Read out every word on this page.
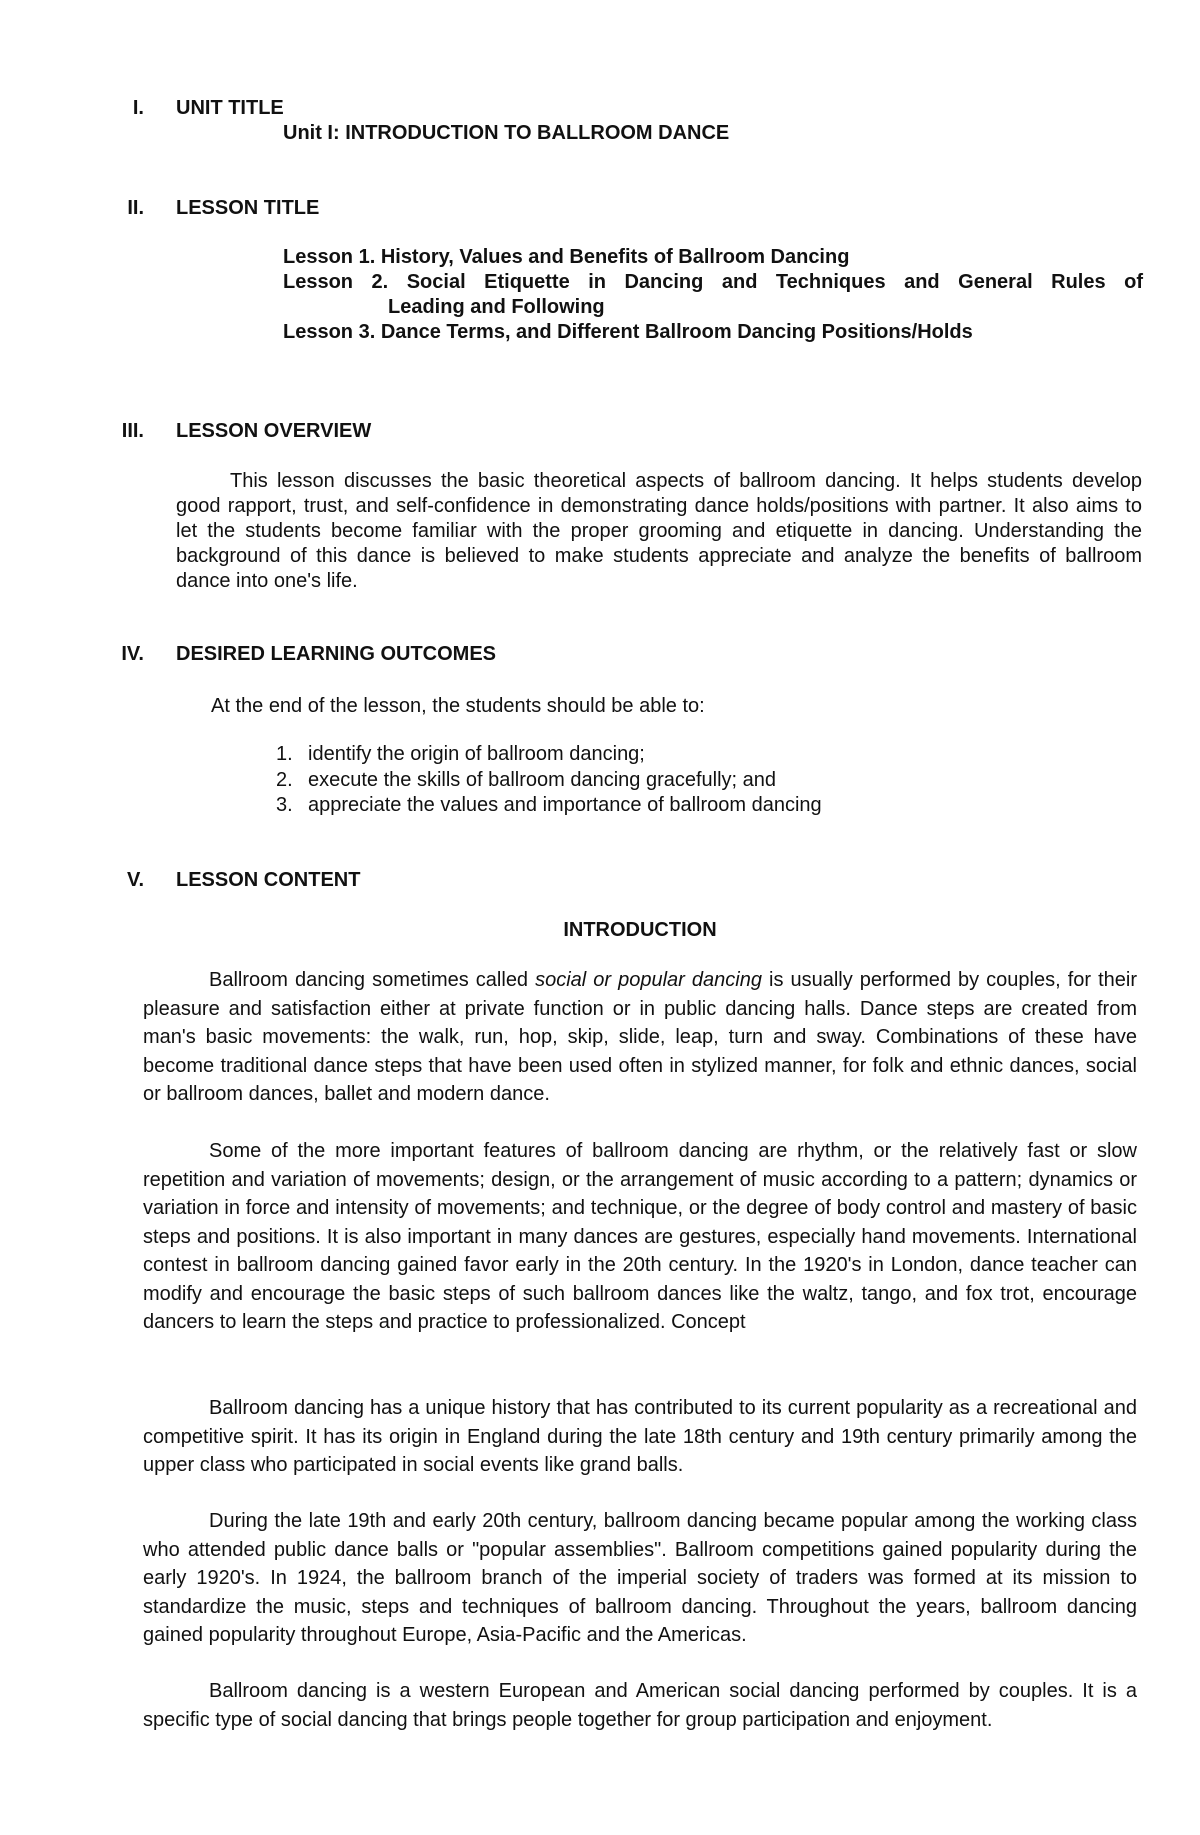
I. UNIT TITLE
Unit I: INTRODUCTION TO BALLROOM DANCE
II. LESSON TITLE
Lesson 1. History, Values and Benefits of Ballroom Dancing
Lesson 2. Social Etiquette in Dancing and Techniques and General Rules of
Leading and Following
Lesson 3. Dance Terms, and Different Ballroom Dancing Positions/Holds
III. LESSON OVERVIEW
This lesson discusses the basic theoretical aspects of ballroom dancing. It helps students develop good rapport, trust, and self-confidence in demonstrating dance holds/positions with partner. It also aims to let the students become familiar with the proper grooming and etiquette in dancing. Understanding the background of this dance is believed to make students appreciate and analyze the benefits of ballroom dance into one's life.
IV. DESIRED LEARNING OUTCOMES
At the end of the lesson, the students should be able to:
1. identify the origin of ballroom dancing;
2. execute the skills of ballroom dancing gracefully; and
3. appreciate the values and importance of ballroom dancing
V. LESSON CONTENT
INTRODUCTION
Ballroom dancing sometimes called social or popular dancing is usually performed by couples, for their pleasure and satisfaction either at private function or in public dancing halls. Dance steps are created from man's basic movements: the walk, run, hop, skip, slide, leap, turn and sway. Combinations of these have become traditional dance steps that have been used often in stylized manner, for folk and ethnic dances, social or ballroom dances, ballet and modern dance.
Some of the more important features of ballroom dancing are rhythm, or the relatively fast or slow repetition and variation of movements; design, or the arrangement of music according to a pattern; dynamics or variation in force and intensity of movements; and technique, or the degree of body control and mastery of basic steps and positions. It is also important in many dances are gestures, especially hand movements. International contest in ballroom dancing gained favor early in the 20th century. In the 1920's in London, dance teacher can modify and encourage the basic steps of such ballroom dances like the waltz, tango, and fox trot, encourage dancers to learn the steps and practice to professionalized. Concept
Ballroom dancing has a unique history that has contributed to its current popularity as a recreational and competitive spirit. It has its origin in England during the late 18th century and 19th century primarily among the upper class who participated in social events like grand balls.
During the late 19th and early 20th century, ballroom dancing became popular among the working class who attended public dance balls or "popular assemblies". Ballroom competitions gained popularity during the early 1920's. In 1924, the ballroom branch of the imperial society of traders was formed at its mission to standardize the music, steps and techniques of ballroom dancing. Throughout the years, ballroom dancing gained popularity throughout Europe, Asia-Pacific and the Americas.
Ballroom dancing is a western European and American social dancing performed by couples. It is a specific type of social dancing that brings people together for group participation and enjoyment.
